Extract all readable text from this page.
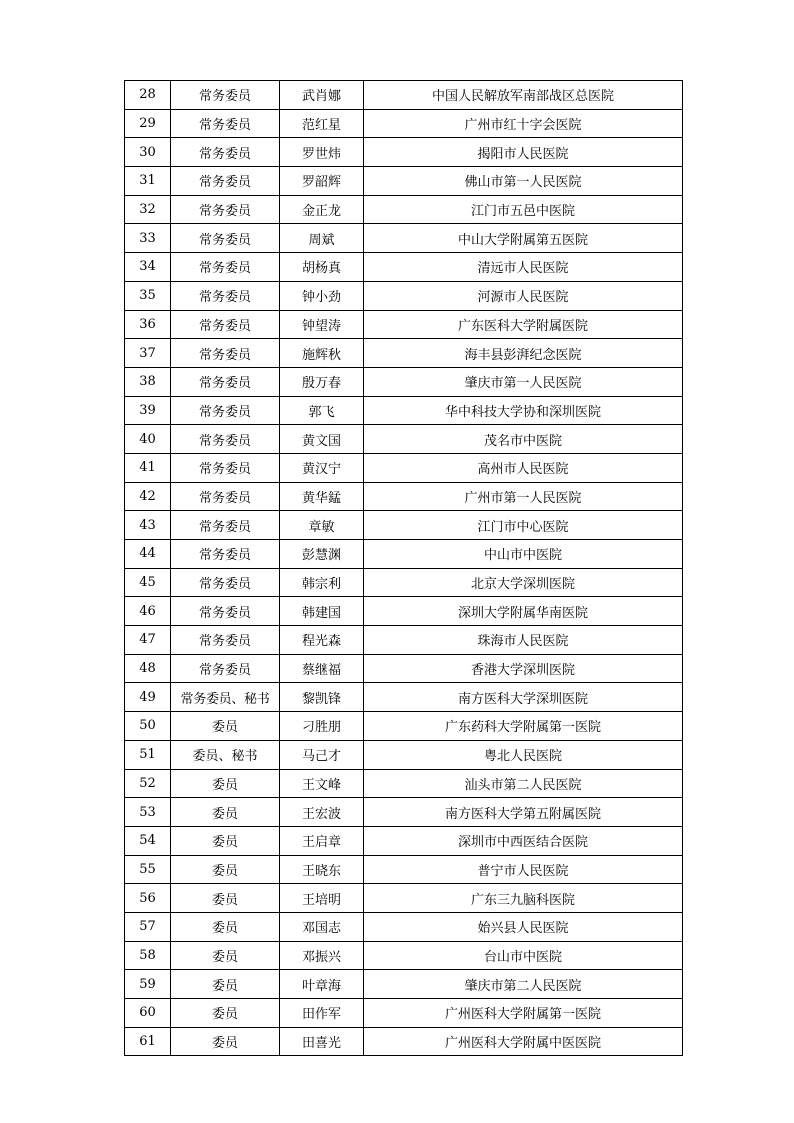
28	常务委员	武肖娜	中国人民解放军南部战区总医院
29	常务委员	范红星	广州市红十字会医院
30	常务委员	罗世炜	揭阳市人民医院
31	常务委员	罗韶辉	佛山市第一人民医院
32	常务委员	金正龙	江门市五邑中医院
33	常务委员	周斌	中山大学附属第五医院
34	常务委员	胡杨真	清远市人民医院
35	常务委员	钟小劲	河源市人民医院
36	常务委员	钟望涛	广东医科大学附属医院
37	常务委员	施辉秋	海丰县彭湃纪念医院
38	常务委员	殷万春	肇庆市第一人民医院
39	常务委员	郭飞	华中科技大学协和深圳医院
40	常务委员	黄文国	茂名市中医院
41	常务委员	黄汉宁	高州市人民医院
42	常务委员	黄华錳	广州市第一人民医院
43	常务委员	章敏	江门市中心医院
44	常务委员	彭慧渊	中山市中医院
45	常务委员	韩宗利	北京大学深圳医院
46	常务委员	韩建国	深圳大学附属华南医院
47	常务委员	程光森	珠海市人民医院
48	常务委员	蔡继福	香港大学深圳医院
49	常务委员、秘书	黎凯锋	南方医科大学深圳医院
50	委员	刁胜朋	广东药科大学附属第一医院
51	委员、秘书	马己才	粤北人民医院
52	委员	王文峰	汕头市第二人民医院
53	委员	王宏波	南方医科大学第五附属医院
54	委员	王启章	深圳市中西医结合医院
55	委员	王晓东	普宁市人民医院
56	委员	王培明	广东三九脑科医院
57	委员	邓国志	始兴县人民医院
58	委员	邓振兴	台山市中医院
59	委员	叶章海	肇庆市第二人民医院
60	委员	田作军	广州医科大学附属第一医院
61	委员	田喜光	广州医科大学附属中医医院
